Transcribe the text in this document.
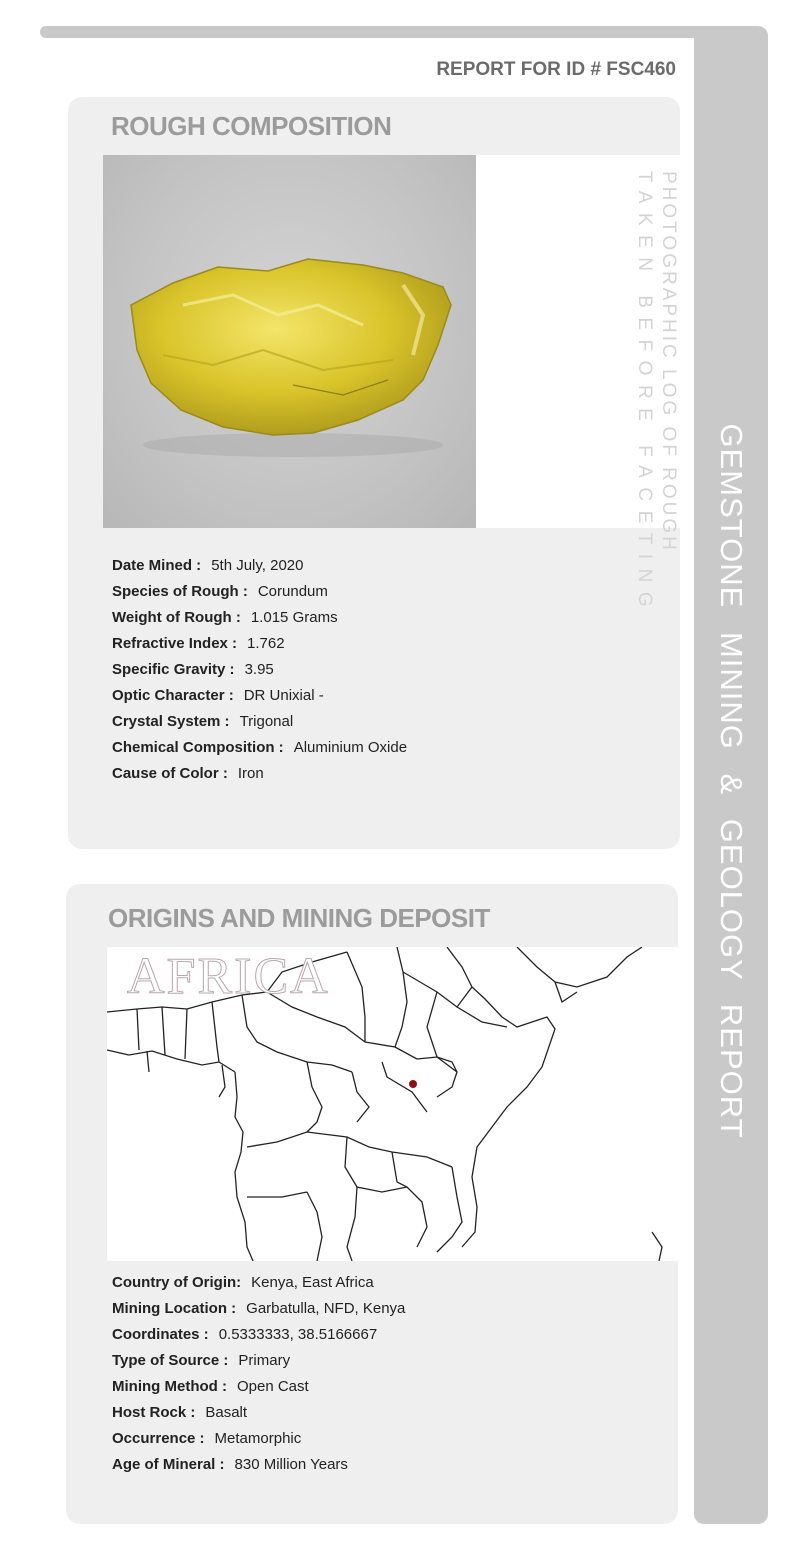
GEMSTONE MINING & GEOLOGY REPORT
REPORT FOR ID # FSC460
ROUGH COMPOSITION
PHOTOGRAPHIC LOG OF ROUGH
TAKEN BEFORE FACETING
Date Mined : 5th July, 2020
Species of Rough : Corundum
Weight of Rough : 1.015 Grams
Refractive Index : 1.762
Specific Gravity : 3.95
Optic Character : DR Unixial -
Crystal System : Trigonal
Chemical Composition : Aluminium Oxide
Cause of Color : Iron
ORIGINS AND MINING DEPOSIT
AFRICA
Country of Origin: Kenya, East Africa
Mining Location : Garbatulla, NFD, Kenya
Coordinates : 0.5333333, 38.5166667
Type of Source : Primary
Mining Method : Open Cast
Host Rock : Basalt
Occurrence : Metamorphic
Age of Mineral : 830 Million Years
